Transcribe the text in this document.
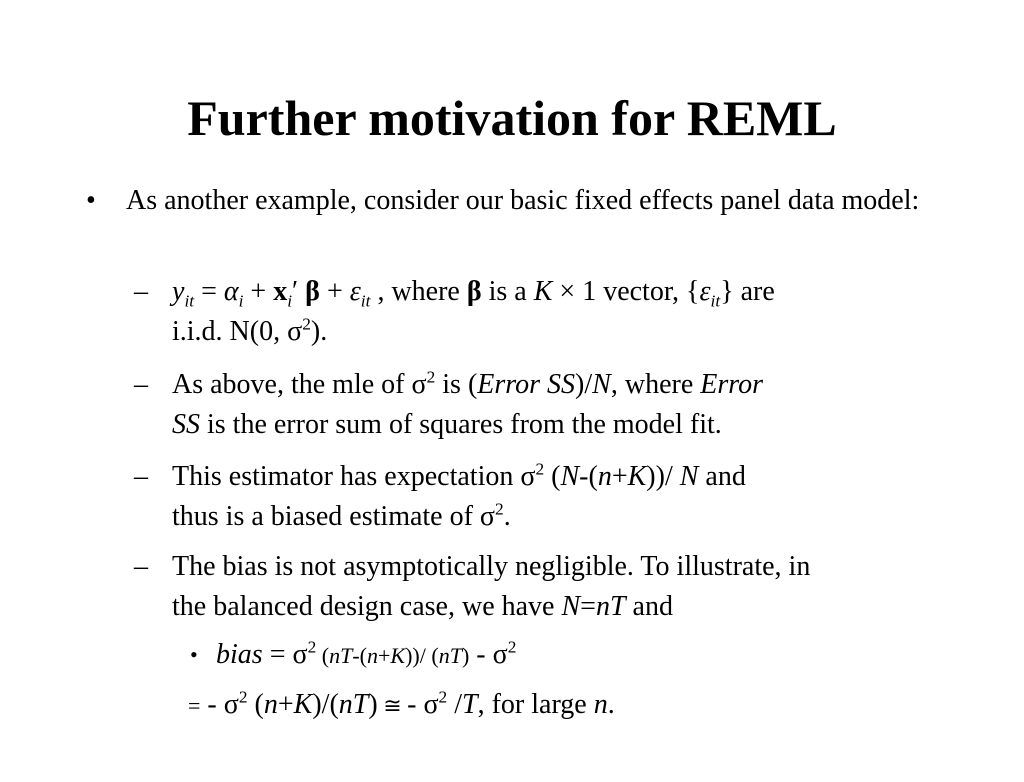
Further motivation for REML
• As another example, consider our basic fixed effects panel data model:
– $y_{it} = \alpha_i + x_i'$ $\beta + \varepsilon_{it}$ , where β is a K × 1 vector, $\{\varepsilon_{it}\}$ are
i.i.d. N(0, $\sigma^2$).
– As above, the mle of $\sigma^2$ is (Error SS)/N, where Error
SS is the error sum of squares from the model fit.
– This estimator has expectation $\sigma^2$ (N-(n+K))/ N and
thus is a biased estimate of $\sigma^2$.
– The bias is not asymptotically negligible. To illustrate, in
the balanced design case, we have N=nT and
• bias = $\sigma^2$ (nT-(n+K))/ $(nT) - \sigma^2$
= - $\sigma^2$ (n+K)/(nT) ≅ - $\sigma^2$ /T, for large n.
